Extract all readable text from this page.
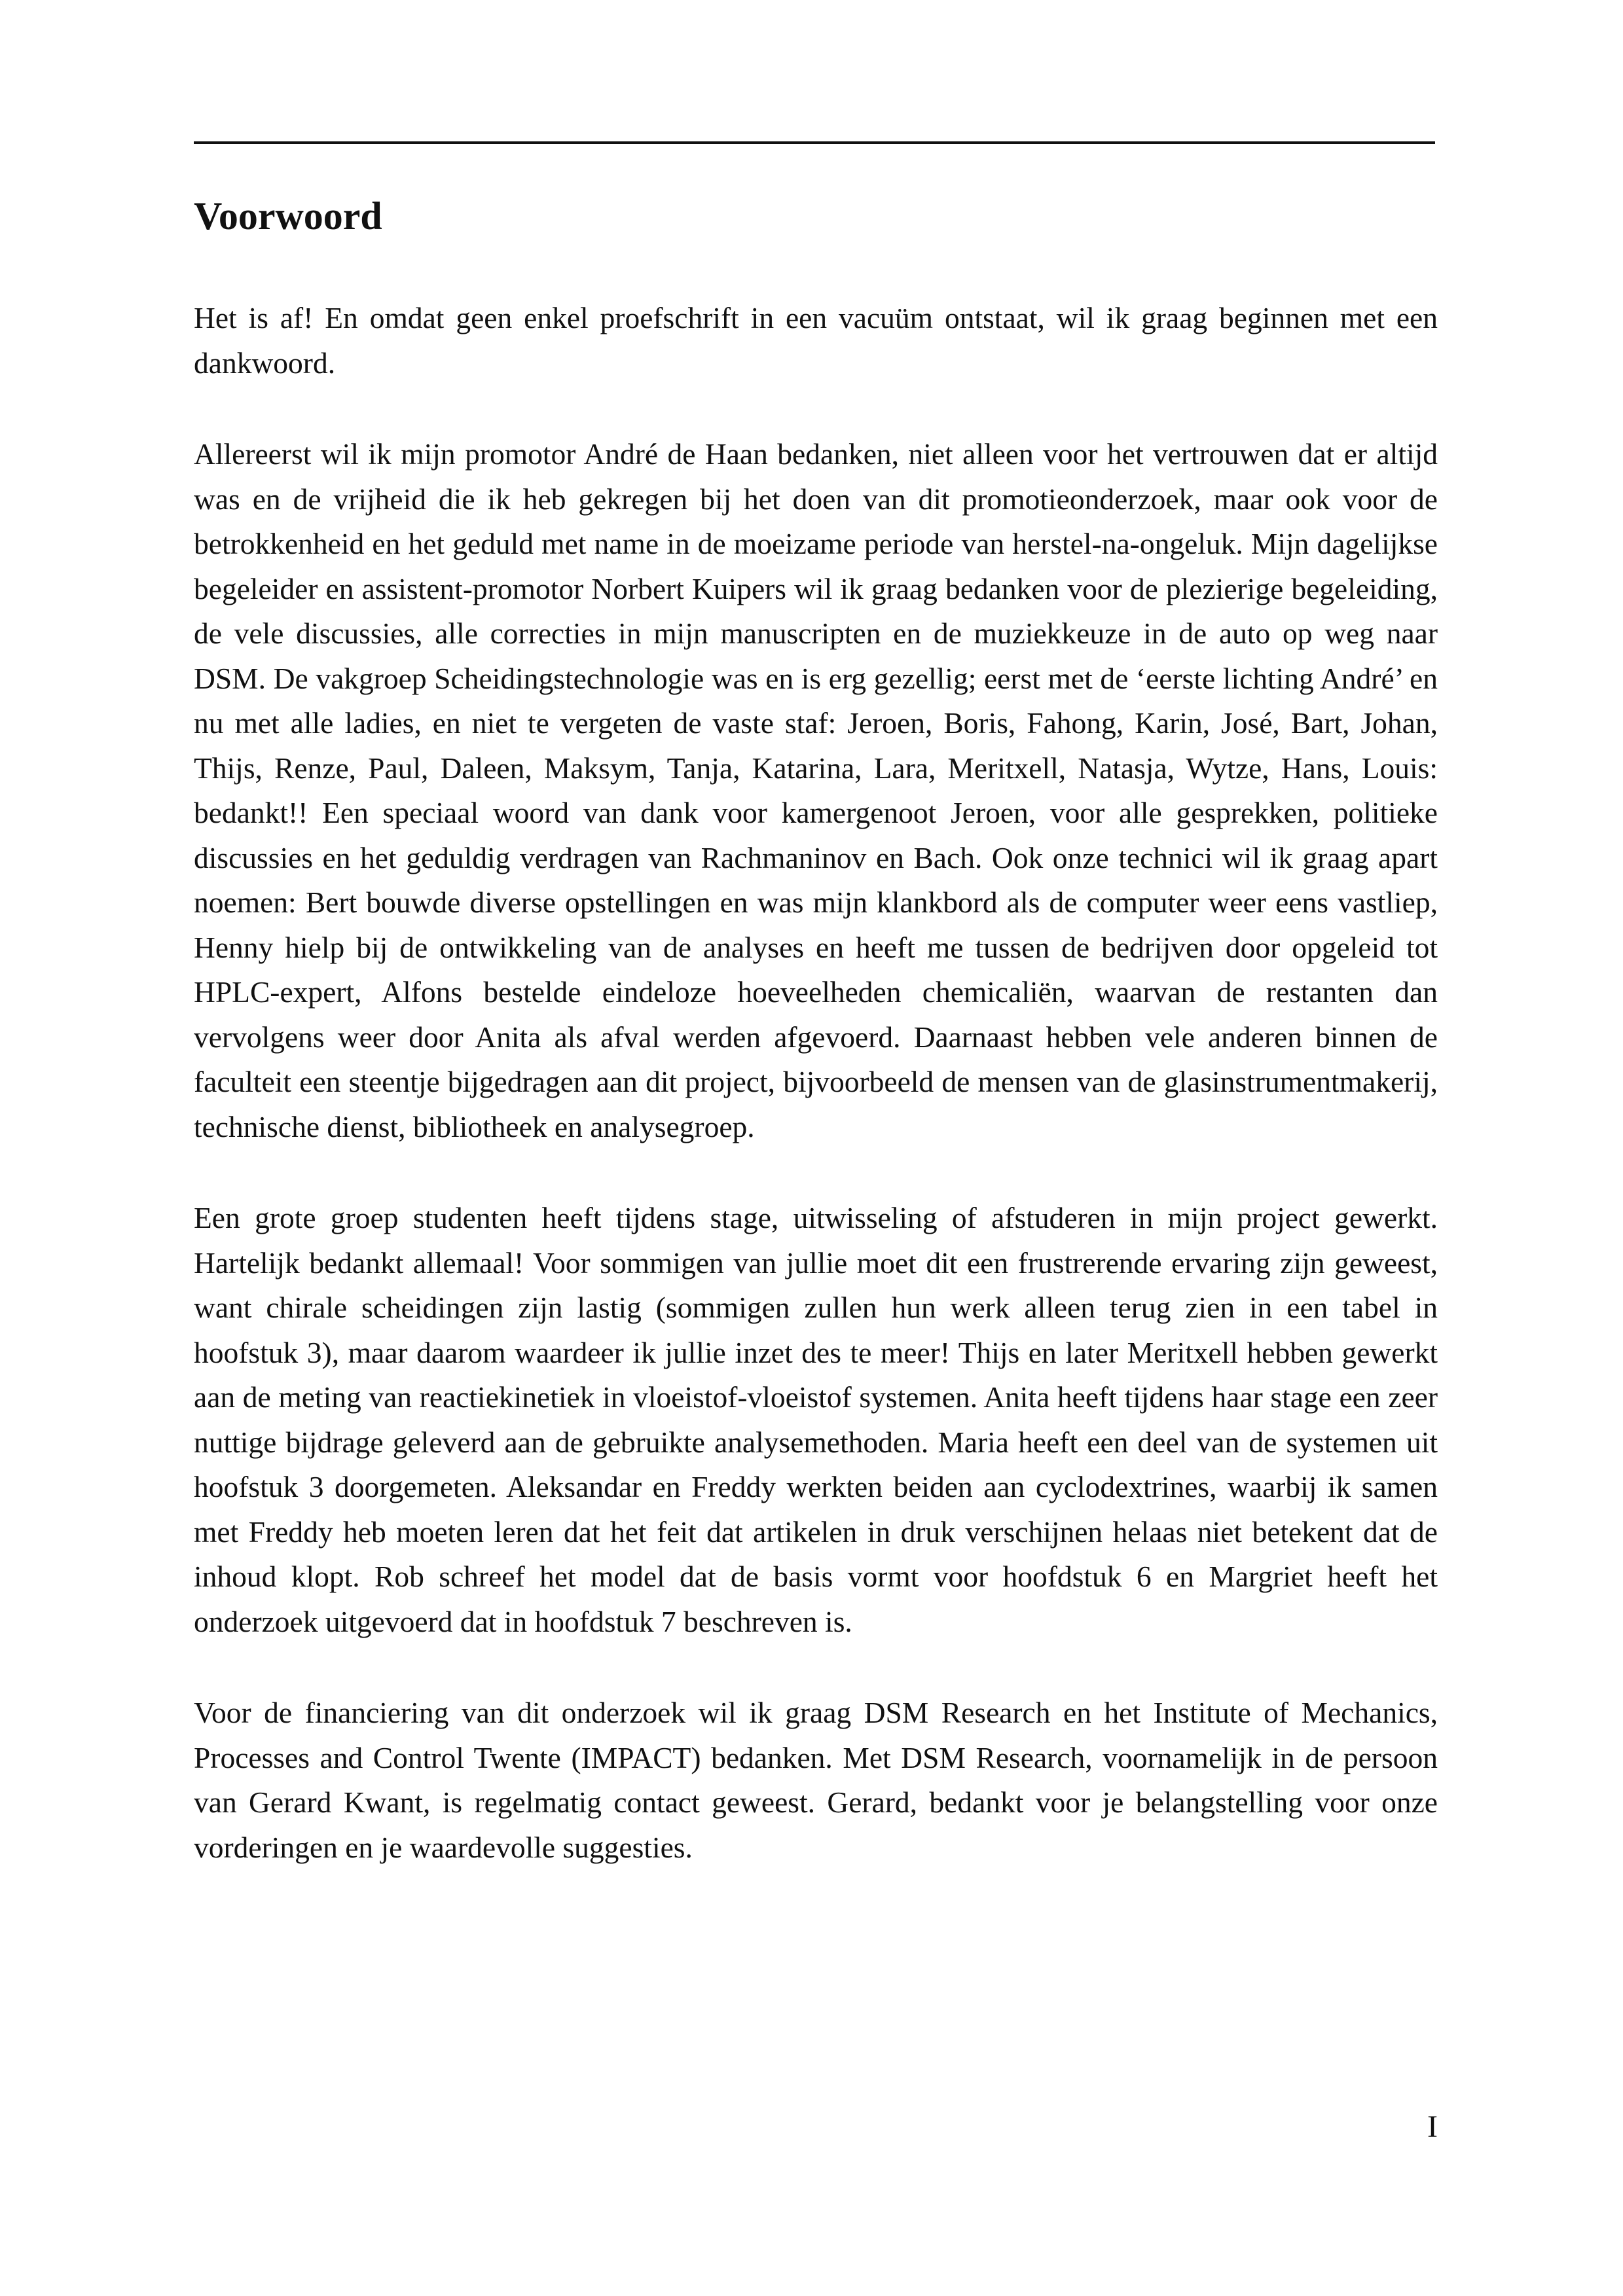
Voorwoord

Het is af! En omdat geen enkel proefschrift in een vacuüm ontstaat, wil ik graag beginnen met een dankwoord.

Allereerst wil ik mijn promotor André de Haan bedanken, niet alleen voor het vertrouwen dat er altijd was en de vrijheid die ik heb gekregen bij het doen van dit promotieonderzoek, maar ook voor de betrokkenheid en het geduld met name in de moeizame periode van herstel-na-ongeluk. Mijn dagelijkse begeleider en assistent-promotor Norbert Kuipers wil ik graag bedanken voor de plezierige begeleiding, de vele discussies, alle correcties in mijn manuscripten en de muziekkeuze in de auto op weg naar DSM. De vakgroep Scheidingstechnologie was en is erg gezellig; eerst met de ‘eerste lichting André’ en nu met alle ladies, en niet te vergeten de vaste staf: Jeroen, Boris, Fahong, Karin, José, Bart, Johan, Thijs, Renze, Paul, Daleen, Maksym, Tanja, Katarina, Lara, Meritxell, Natasja, Wytze, Hans, Louis: bedankt!! Een speciaal woord van dank voor kamergenoot Jeroen, voor alle gesprekken, politieke discussies en het geduldig verdragen van Rachmaninov en Bach. Ook onze technici wil ik graag apart noemen: Bert bouwde diverse opstellingen en was mijn klankbord als de computer weer eens vastliep, Henny hielp bij de ontwikkeling van de analyses en heeft me tussen de bedrijven door opgeleid tot HPLC-expert, Alfons bestelde eindeloze hoeveelheden chemicaliën, waarvan de restanten dan vervolgens weer door Anita als afval werden afgevoerd. Daarnaast hebben vele anderen binnen de faculteit een steentje bijgedragen aan dit project, bijvoorbeeld de mensen van de glasinstrumentmakerij, technische dienst, bibliotheek en analysegroep.

Een grote groep studenten heeft tijdens stage, uitwisseling of afstuderen in mijn project gewerkt. Hartelijk bedankt allemaal! Voor sommigen van jullie moet dit een frustrerende ervaring zijn geweest, want chirale scheidingen zijn lastig (sommigen zullen hun werk alleen terug zien in een tabel in hoofstuk 3), maar daarom waardeer ik jullie inzet des te meer! Thijs en later Meritxell hebben gewerkt aan de meting van reactiekinetiek in vloeistof-vloeistof systemen. Anita heeft tijdens haar stage een zeer nuttige bijdrage geleverd aan de gebruikte analysemethoden. Maria heeft een deel van de systemen uit hoofstuk 3 doorgemeten. Aleksandar en Freddy werkten beiden aan cyclodextrines, waarbij ik samen met Freddy heb moeten leren dat het feit dat artikelen in druk verschijnen helaas niet betekent dat de inhoud klopt. Rob schreef het model dat de basis vormt voor hoofdstuk 6 en Margriet heeft het onderzoek uitgevoerd dat in hoofdstuk 7 beschreven is.

Voor de financiering van dit onderzoek wil ik graag DSM Research en het Institute of Mechanics, Processes and Control Twente (IMPACT) bedanken. Met DSM Research, voornamelijk in de persoon van Gerard Kwant, is regelmatig contact geweest. Gerard, bedankt voor je belangstelling voor onze vorderingen en je waardevolle suggesties.

I
